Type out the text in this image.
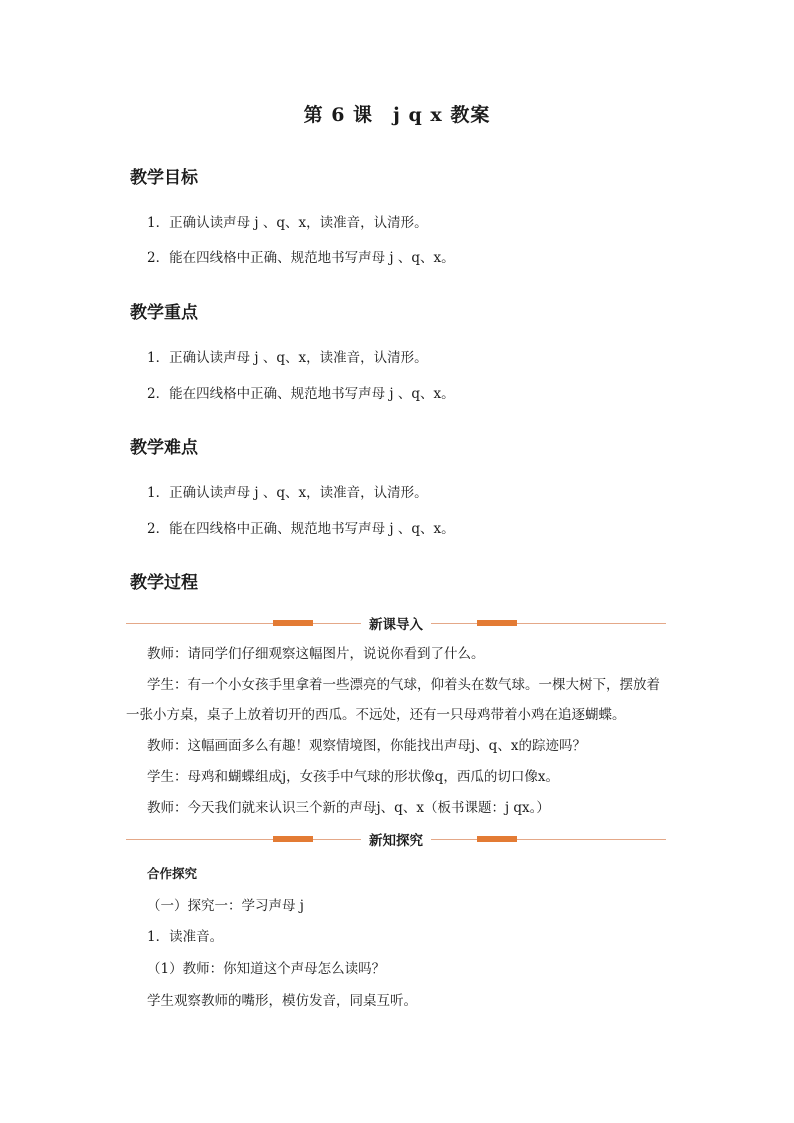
第 6 课　j q x 教案
教学目标
1．正确认读声母 j 、q、x，读准音，认清形。
2．能在四线格中正确、规范地书写声母 j 、q、x。
教学重点
1．正确认读声母 j 、q、x，读准音，认清形。
2．能在四线格中正确、规范地书写声母 j 、q、x。
教学难点
1．正确认读声母 j 、q、x，读准音，认清形。
2．能在四线格中正确、规范地书写声母 j 、q、x。
教学过程
新课导入
教师：请同学们仔细观察这幅图片，说说你看到了什么。
学生：有一个小女孩手里拿着一些漂亮的气球，仰着头在数气球。一棵大树下，摆放着一张小方桌，桌子上放着切开的西瓜。不远处，还有一只母鸡带着小鸡在追逐蝴蝶。
教师：这幅画面多么有趣！观察情境图，你能找出声母j、q、x的踪迹吗？
学生：母鸡和蝴蝶组成j，女孩手中气球的形状像q，西瓜的切口像x。
教师：今天我们就来认识三个新的声母j、q、x（板书课题：j qx。）
新知探究
合作探究
（一）探究一：学习声母 j
1．读准音。
（1）教师：你知道这个声母怎么读吗？
学生观察教师的嘴形，模仿发音，同桌互听。
